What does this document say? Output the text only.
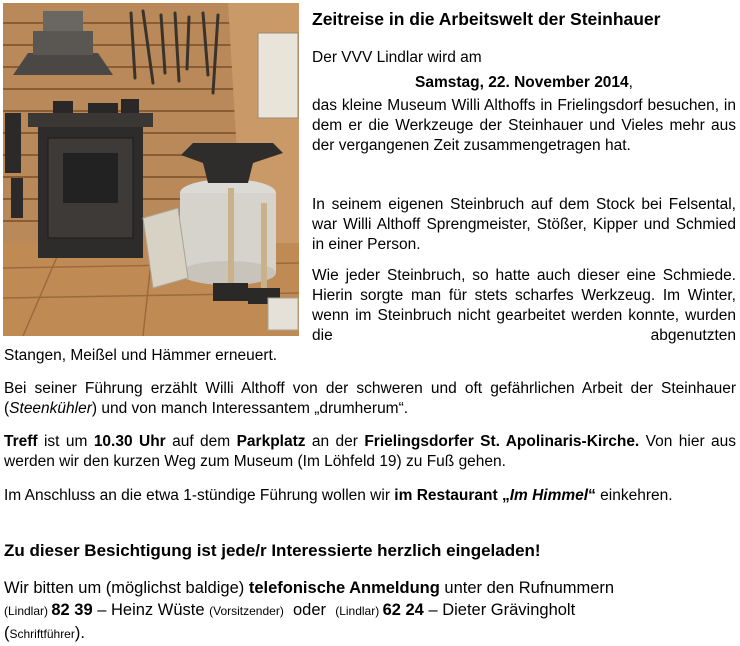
Zeitreise in die Arbeitswelt der Steinhauer
Der VVV Lindlar wird am
Samstag, 22. November 2014,
das kleine Museum Willi Althoffs in Frielingsdorf besuchen, in dem er die Werkzeuge der Steinhauer und Vieles mehr aus der vergangenen Zeit zusammengetragen hat.
In seinem eigenen Steinbruch auf dem Stock bei Felsental, war Willi Althoff Sprengmeister, Stößer, Kipper und Schmied in einer Person.
Wie jeder Steinbruch, so hatte auch dieser eine Schmiede. Hierin sorgte man für stets scharfes Werkzeug. Im Winter, wenn im Steinbruch nicht gearbeitet werden konnte, wurden die abgenutzten
Stangen, Meißel und Hämmer erneuert.
Bei seiner Führung erzählt Willi Althoff von der schweren und oft gefährlichen Arbeit der Steinhauer (Steenkühler) und von manch Interessantem „drumherum“.
Treff ist um 10.30 Uhr auf dem Parkplatz an der Frielingsdorfer St. Apolinaris-Kirche. Von hier aus werden wir den kurzen Weg zum Museum (Im Löhfeld 19) zu Fuß gehen.
Im Anschluss an die etwa 1-stündige Führung wollen wir im Restaurant „Im Himmel“ einkehren.
Zu dieser Besichtigung ist jede/r Interessierte herzlich eingeladen!
Wir bitten um (möglichst baldige) telefonische Anmeldung unter den Rufnummern
(Lindlar) 82 39 – Heinz Wüste (Vorsitzender)  oder  (Lindlar) 62 24 – Dieter Grävingholt
(Schriftführer).
